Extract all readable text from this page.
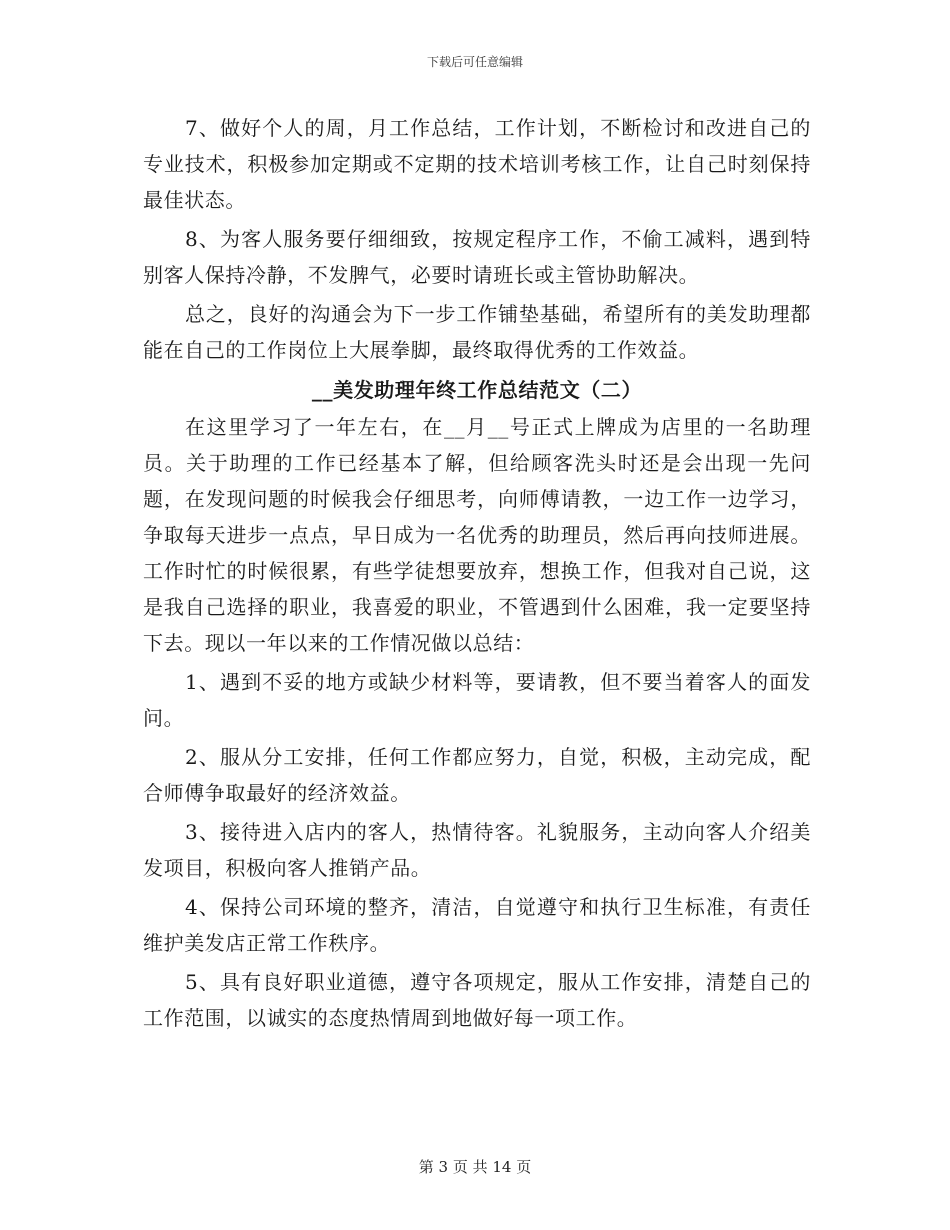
下载后可任意编辑

7、做好个人的周，月工作总结，工作计划，不断检讨和改进自己的专业技术，积极参加定期或不定期的技术培训考核工作，让自己时刻保持最佳状态。

8、为客人服务要仔细细致，按规定程序工作，不偷工减料，遇到特别客人保持冷静，不发脾气，必要时请班长或主管协助解决。

总之，良好的沟通会为下一步工作铺垫基础，希望所有的美发助理都能在自己的工作岗位上大展拳脚，最终取得优秀的工作效益。

__美发助理年终工作总结范文（二）

在这里学习了一年左右，在__月__号正式上牌成为店里的一名助理员。关于助理的工作已经基本了解，但给顾客洗头时还是会出现一先问题，在发现问题的时候我会仔细思考，向师傅请教，一边工作一边学习，争取每天进步一点点，早日成为一名优秀的助理员，然后再向技师进展。工作时忙的时候很累，有些学徒想要放弃，想换工作，但我对自己说，这是我自己选择的职业，我喜爱的职业，不管遇到什么困难，我一定要坚持下去。现以一年以来的工作情况做以总结：

1、遇到不妥的地方或缺少材料等，要请教，但不要当着客人的面发问。

2、服从分工安排，任何工作都应努力，自觉，积极，主动完成，配合师傅争取最好的经济效益。

3、接待进入店内的客人，热情待客。礼貌服务，主动向客人介绍美发项目，积极向客人推销产品。

4、保持公司环境的整齐，清洁，自觉遵守和执行卫生标准，有责任维护美发店正常工作秩序。

5、具有良好职业道德，遵守各项规定，服从工作安排，清楚自己的工作范围，以诚实的态度热情周到地做好每一项工作。

第 3 页 共 14 页
